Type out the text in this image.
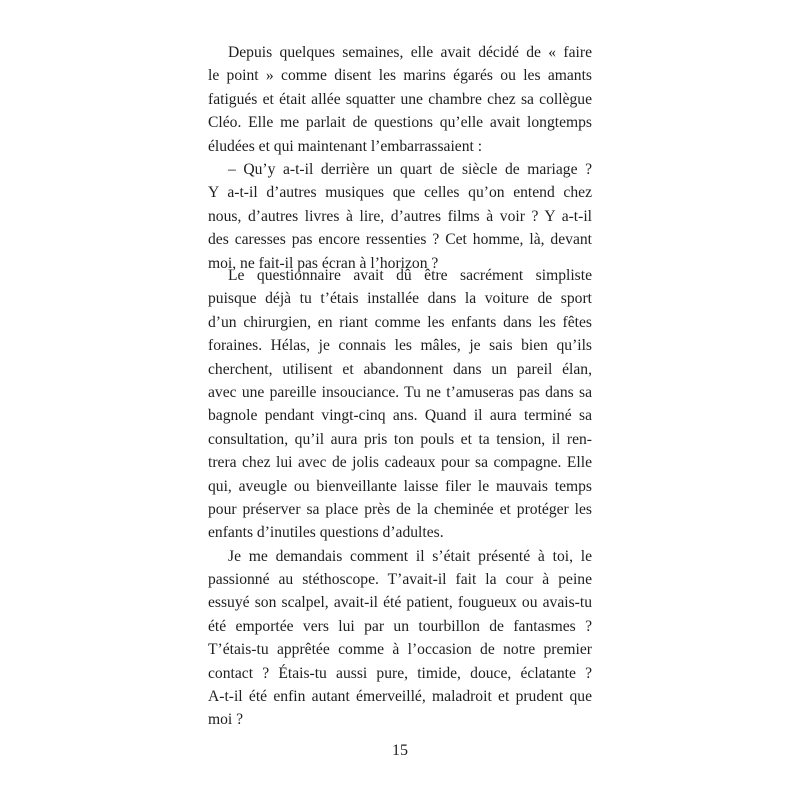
Depuis quelques semaines, elle avait décidé de « faire
le point » comme disent les marins égarés ou les amants
fatigués et était allée squatter une chambre chez sa collègue
Cléo. Elle me parlait de questions qu’elle avait longtemps
éludées et qui maintenant l’embarrassaient :
– Qu’y a-t-il derrière un quart de siècle de mariage ?
Y a-t-il d’autres musiques que celles qu’on entend chez
nous, d’autres livres à lire, d’autres films à voir ? Y a-t-il
des caresses pas encore ressenties ? Cet homme, là, devant
moi, ne fait-il pas écran à l’horizon ?
Le questionnaire avait dû être sacrément simpliste
puisque déjà tu t’étais installée dans la voiture de sport
d’un chirurgien, en riant comme les enfants dans les fêtes
foraines. Hélas, je connais les mâles, je sais bien qu’ils
cherchent, utilisent et abandonnent dans un pareil élan,
avec une pareille insouciance. Tu ne t’amuseras pas dans sa
bagnole pendant vingt-cinq ans. Quand il aura terminé sa
consultation, qu’il aura pris ton pouls et ta tension, il ren-
trera chez lui avec de jolis cadeaux pour sa compagne. Elle
qui, aveugle ou bienveillante laisse filer le mauvais temps
pour préserver sa place près de la cheminée et protéger les
enfants d’inutiles questions d’adultes.
Je me demandais comment il s’était présenté à toi, le
passionné au stéthoscope. T’avait-il fait la cour à peine
essuyé son scalpel, avait-il été patient, fougueux ou avais-tu
été emportée vers lui par un tourbillon de fantasmes ?
T’étais-tu apprêtée comme à l’occasion de notre premier
contact ? Étais-tu aussi pure, timide, douce, éclatante ?
A-t-il été enfin autant émerveillé, maladroit et prudent que
moi ?
15
